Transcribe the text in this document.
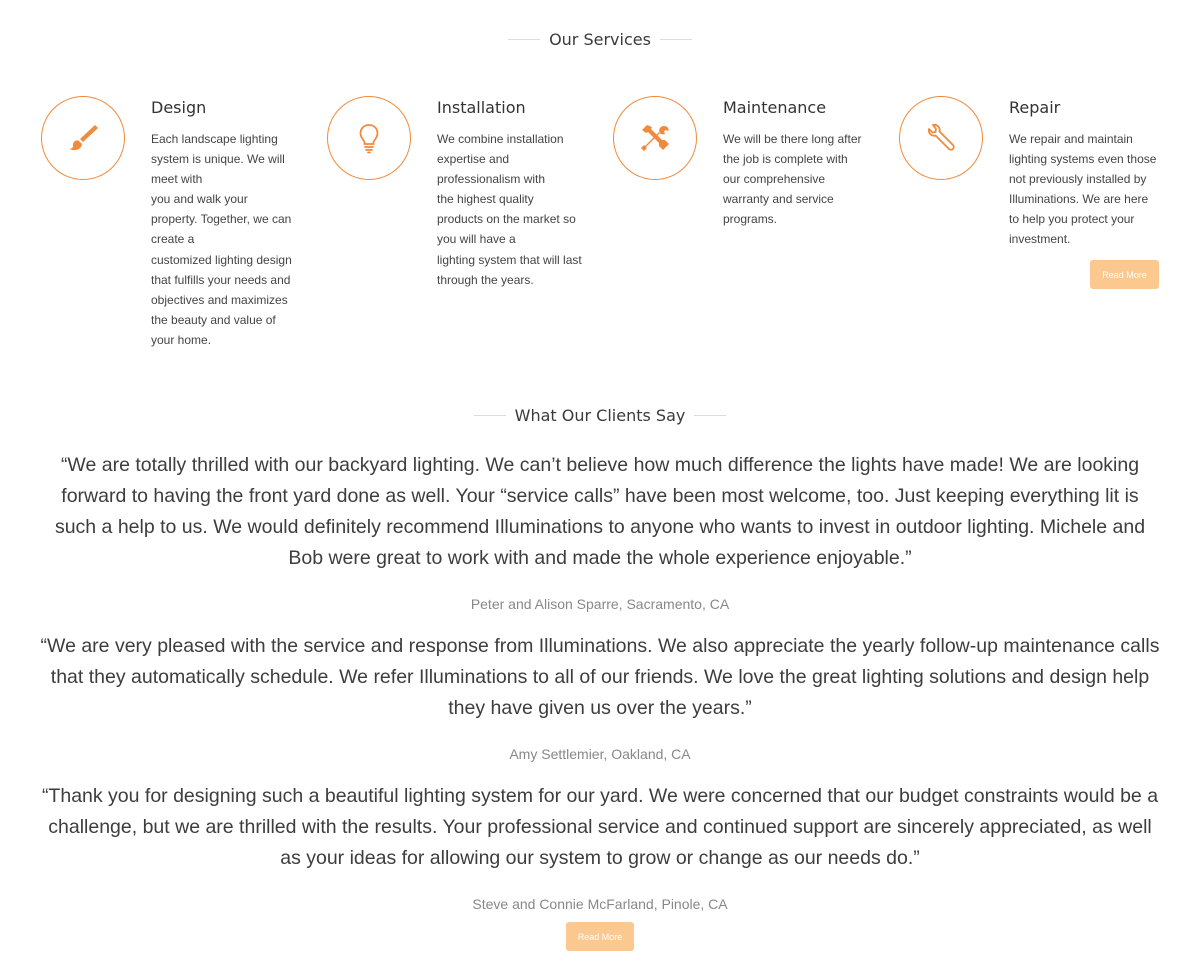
Our Services
Design
Each landscape lighting
system is unique. We will
meet with
you and walk your
property. Together, we can
create a
customized lighting design
that fulfills your needs and
objectives and maximizes
the beauty and value of
your home.
Installation
We combine installation
expertise and
professionalism with
the highest quality
products on the market so
you will have a
lighting system that will last
through the years.
Maintenance
We will be there long after
the job is complete with
our comprehensive
warranty and service
programs.
Repair
We repair and maintain
lighting systems even those
not previously installed by
Illuminations. We are here
to help you protect your
investment.
Read More
What Our Clients Say

“We are totally thrilled with our backyard lighting. We can’t believe how much difference the lights have made! We are looking forward to having the front yard done as well. Your “service calls” have been most welcome, too. Just keeping everything lit is such a help to us. We would definitely recommend Illuminations to anyone who wants to invest in outdoor lighting. Michele and Bob were great to work with and made the whole experience enjoyable.”

Peter and Alison Sparre, Sacramento, CA

“We are very pleased with the service and response from Illuminations. We also appreciate the yearly follow-up maintenance calls that they automatically schedule. We refer Illuminations to all of our friends. We love the great lighting solutions and design help they have given us over the years.”

Amy Settlemier, Oakland, CA

“Thank you for designing such a beautiful lighting system for our yard. We were concerned that our budget constraints would be a challenge, but we are thrilled with the results. Your professional service and continued support are sincerely appreciated, as well as your ideas for allowing our system to grow or change as our needs do.”

Steve and Connie McFarland, Pinole, CA

Read More
